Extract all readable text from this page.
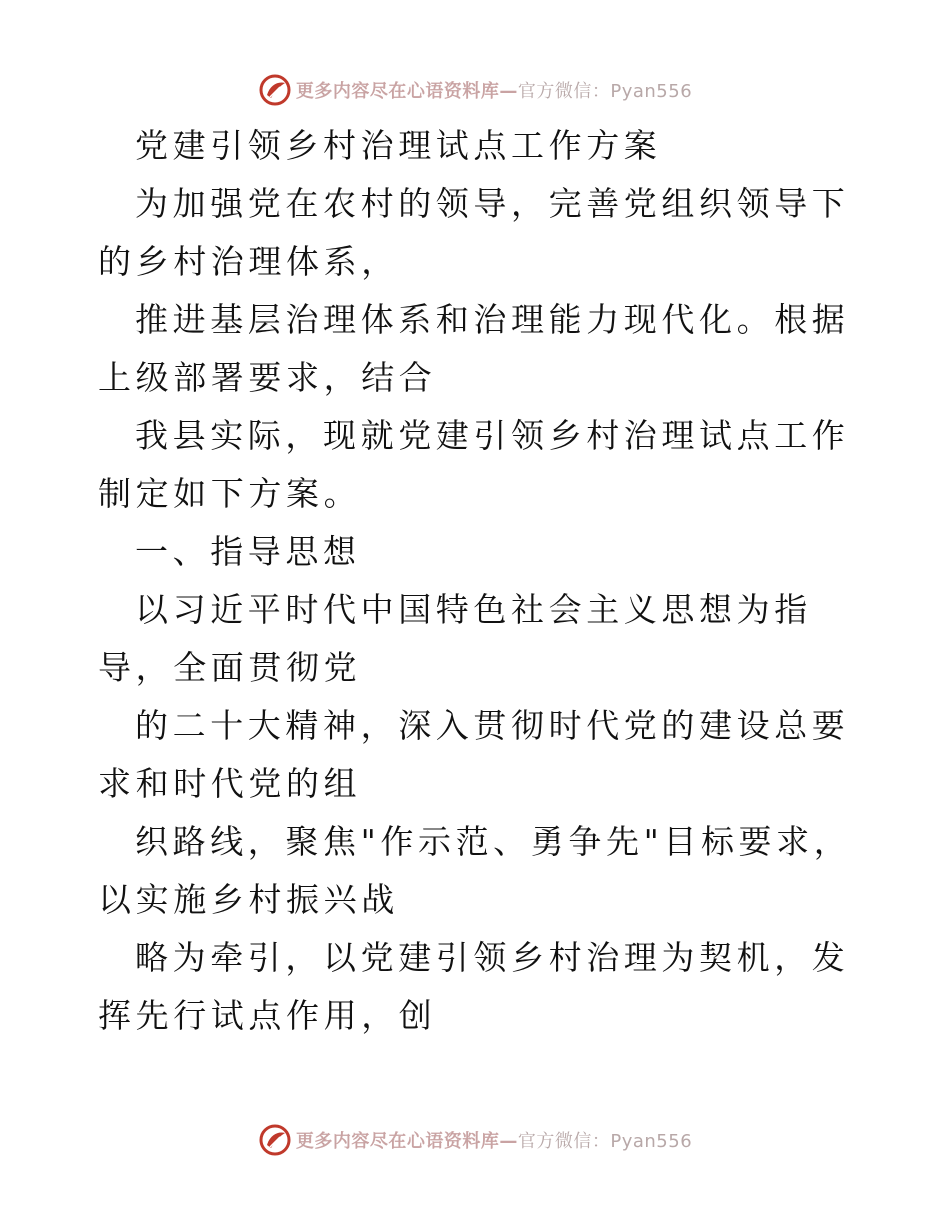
更多内容尽在心语资料库—官方微信：Pyan556

党建引领乡村治理试点工作方案

为加强党在农村的领导，完善党组织领导下的乡村治理体系，

推进基层治理体系和治理能力现代化。根据上级部署要求，结合

我县实际，现就党建引领乡村治理试点工作制定如下方案。

一、指导思想

以习近平时代中国特色社会主义思想为指导，全面贯彻党

的二十大精神，深入贯彻时代党的建设总要求和时代党的组

织路线，聚焦"作示范、勇争先"目标要求，以实施乡村振兴战

略为牵引，以党建引领乡村治理为契机，发挥先行试点作用，创

更多内容尽在心语资料库—官方微信：Pyan556
